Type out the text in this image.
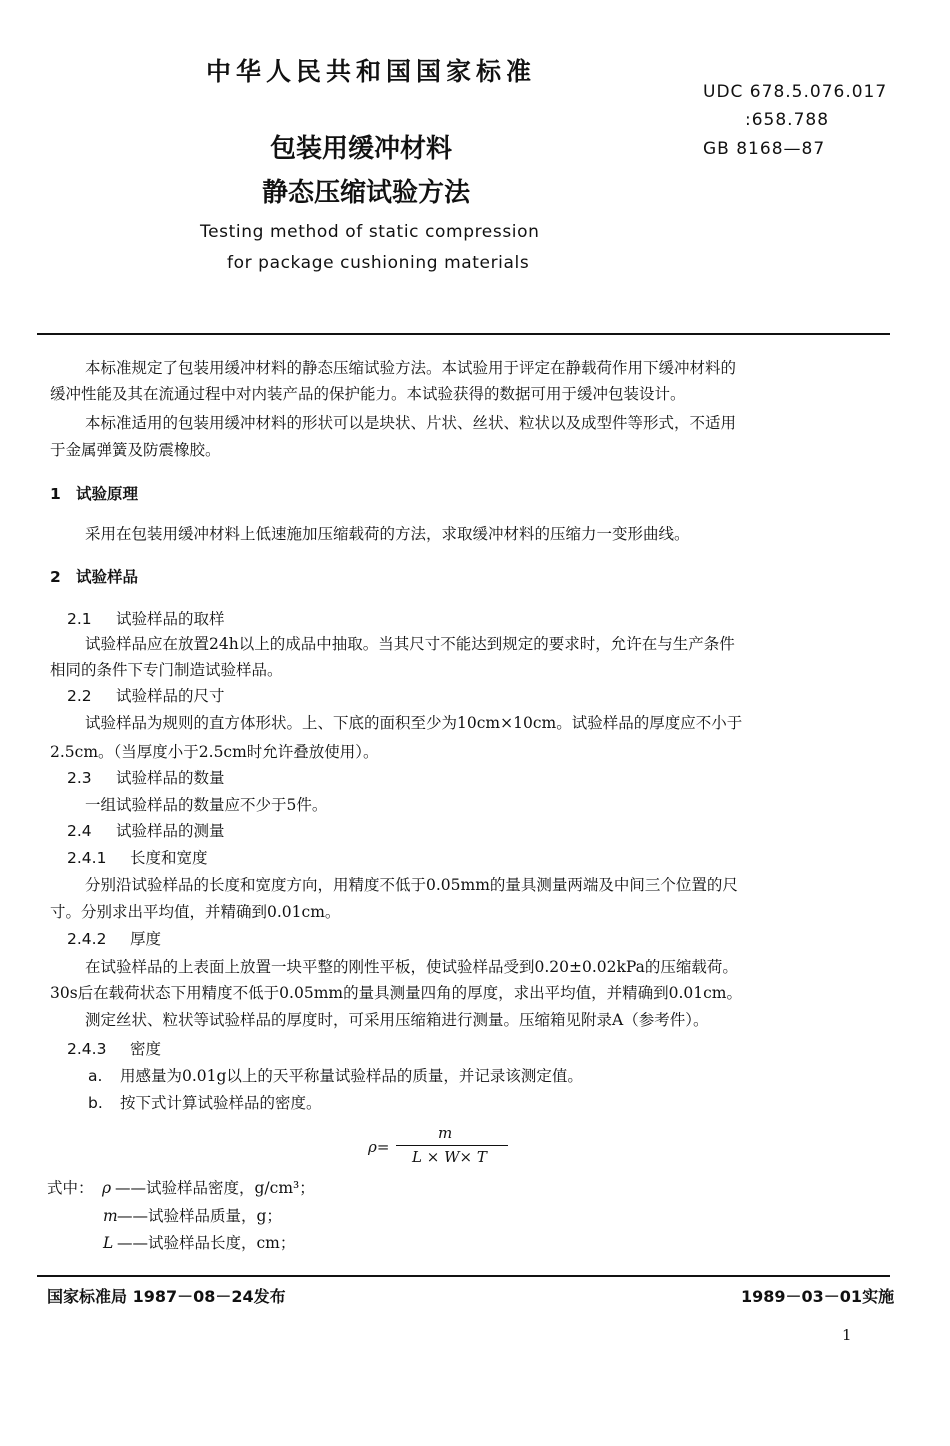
中华人民共和国国家标准
UDC 678.5.076.017
:658.788
GB 8168—87
包装用缓冲材料
静态压缩试验方法
Testing method of static compression
for package cushioning materials
本标准规定了包装用缓冲材料的静态压缩试验方法。本试验用于评定在静载荷作用下缓冲材料的
缓冲性能及其在流通过程中对内装产品的保护能力。本试验获得的数据可用于缓冲包装设计。
本标准适用的包装用缓冲材料的形状可以是块状、片状、丝状、粒状以及成型件等形式，不适用
于金属弹簧及防震橡胶。
1 试验原理
采用在包装用缓冲材料上低速施加压缩载荷的方法，求取缓冲材料的压缩力一变形曲线。
2 试验样品
2.1 试验样品的取样
试验样品应在放置24h以上的成品中抽取。当其尺寸不能达到规定的要求时，允许在与生产条件
相同的条件下专门制造试验样品。
2.2 试验样品的尺寸
试验样品为规则的直方体形状。上、下底的面积至少为10cm×10cm。试验样品的厚度应不小于
2.5cm。（当厚度小于2.5cm时允许叠放使用）。
2.3 试验样品的数量
一组试验样品的数量应不少于5件。
2.4 试验样品的测量
2.4.1 长度和宽度
分别沿试验样品的长度和宽度方向，用精度不低于0.05mm的量具测量两端及中间三个位置的尺
寸。分别求出平均值，并精确到0.01cm。
2.4.2 厚度
在试验样品的上表面上放置一块平整的刚性平板，使试验样品受到0.20±0.02kPa的压缩载荷。
30s后在载荷状态下用精度不低于0.05mm的量具测量四角的厚度，求出平均值，并精确到0.01cm。
测定丝状、粒状等试验样品的厚度时，可采用压缩箱进行测量。压缩箱见附录A（参考件）。
2.4.3 密度
a. 用感量为0.01g以上的天平称量试验样品的质量，并记录该测定值。
b. 按下式计算试验样品的密度。
ρ=
m
L × W× T
式中： ρ ——试验样品密度，g/cm³；
m ——试验样品质量，g；
L ——试验样品长度，cm；
国家标准局 1987－08－24发布	1989－03－01实施
1
